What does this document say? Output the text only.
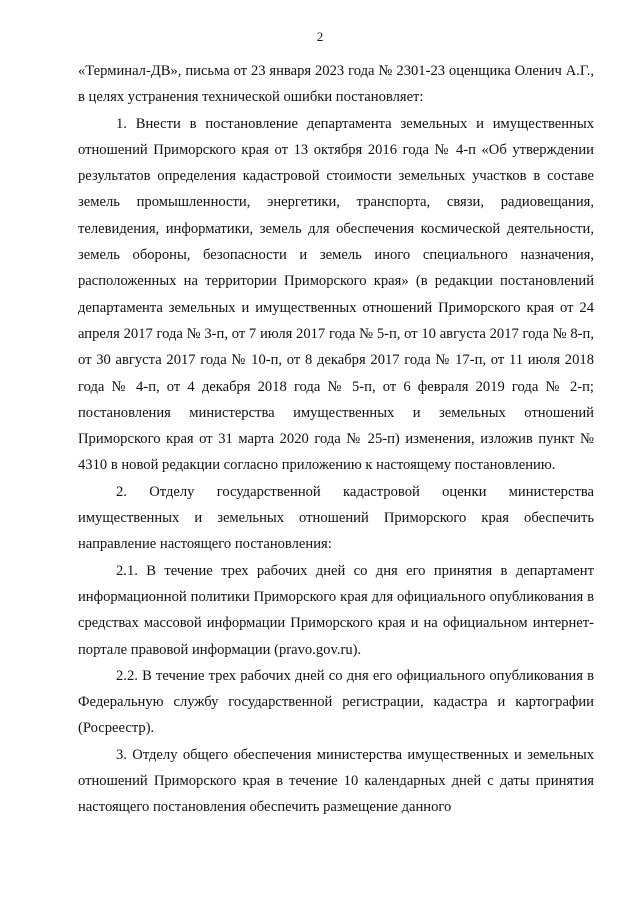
2

«Терминал-ДВ», письма от 23 января 2023 года № 2301-23 оценщика Оленич А.Г., в целях устранения технической ошибки постановляет:

1. Внести в постановление департамента земельных и имущественных отношений Приморского края от 13 октября 2016 года № 4-п «Об утверждении результатов определения кадастровой стоимости земельных участков в составе земель промышленности, энергетики, транспорта, связи, радиовещания, телевидения, информатики, земель для обеспечения космической деятельности, земель обороны, безопасности и земель иного специального назначения, расположенных на территории Приморского края» (в редакции постановлений департамента земельных и имущественных отношений Приморского края от 24 апреля 2017 года № 3-п, от 7 июля 2017 года № 5-п, от 10 августа 2017 года № 8-п, от 30 августа 2017 года № 10-п, от 8 декабря 2017 года № 17-п, от 11 июля 2018 года № 4-п, от 4 декабря 2018 года № 5-п, от 6 февраля 2019 года № 2-п; постановления министерства имущественных и земельных отношений Приморского края от 31 марта 2020 года № 25-п) изменения, изложив пункт № 4310 в новой редакции согласно приложению к настоящему постановлению.

2. Отделу государственной кадастровой оценки министерства имущественных и земельных отношений Приморского края обеспечить направление настоящего постановления:

2.1. В течение трех рабочих дней со дня его принятия в департамент информационной политики Приморского края для официального опубликования в средствах массовой информации Приморского края и на официальном интернет-портале правовой информации (pravo.gov.ru).

2.2. В течение трех рабочих дней со дня его официального опубликования в Федеральную службу государственной регистрации, кадастра и картографии (Росреестр).

3. Отделу общего обеспечения министерства имущественных и земельных отношений Приморского края в течение 10 календарных дней с даты принятия настоящего постановления обеспечить размещение данного
